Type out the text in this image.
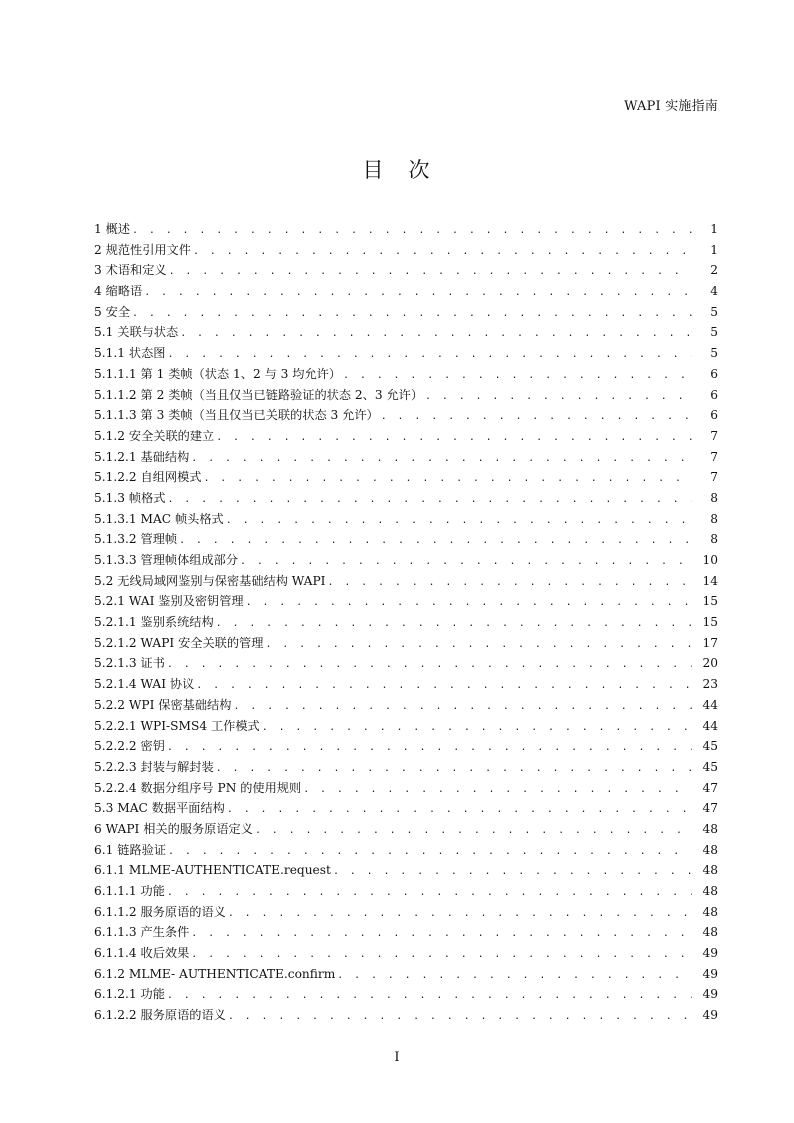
WAPI 实施指南
目　次
1 概述 . . .	1
2 规范性引用文件 . . .	1
3 术语和定义 . . .	2
4 缩略语 . . .	4
5 安全 . . .	5
5.1 关联与状态 . . .	5
5.1.1 状态图 . . .	5
5.1.1.1 第 1 类帧（状态 1、2 与 3 均允许） . . .	6
5.1.1.2 第 2 类帧（当且仅当已链路验证的状态 2、3 允许） . . .	6
5.1.1.3 第 3 类帧（当且仅当已关联的状态 3 允许） . . .	6
5.1.2 安全关联的建立 . . .	7
5.1.2.1 基础结构 . . .	7
5.1.2.2 自组网模式 . . .	7
5.1.3 帧格式 . . .	8
5.1.3.1 MAC 帧头格式 . . .	8
5.1.3.2 管理帧 . . .	8
5.1.3.3 管理帧体组成部分 . . .	10
5.2 无线局域网鉴别与保密基础结构 WAPI . . .	14
5.2.1 WAI 鉴别及密钥管理 . . .	15
5.2.1.1 鉴别系统结构 . . .	15
5.2.1.2 WAPI 安全关联的管理 . . .	17
5.2.1.3 证书 . . .	20
5.2.1.4 WAI 协议 . . .	23
5.2.2 WPI 保密基础结构 . . .	44
5.2.2.1 WPI-SMS4 工作模式 . . .	44
5.2.2.2 密钥 . . .	45
5.2.2.3 封装与解封装 . . .	45
5.2.2.4 数据分组序号 PN 的使用规则 . . .	47
5.3 MAC 数据平面结构 . . .	47
6 WAPI 相关的服务原语定义 . . .	48
6.1 链路验证 . . .	48
6.1.1 MLME-AUTHENTICATE.request . . .	48
6.1.1.1 功能 . . .	48
6.1.1.2 服务原语的语义 . . .	48
6.1.1.3 产生条件 . . .	48
6.1.1.4 收后效果 . . .	49
6.1.2 MLME- AUTHENTICATE.confirm . . .	49
6.1.2.1 功能 . . .	49
6.1.2.2 服务原语的语义 . . .	49
I
